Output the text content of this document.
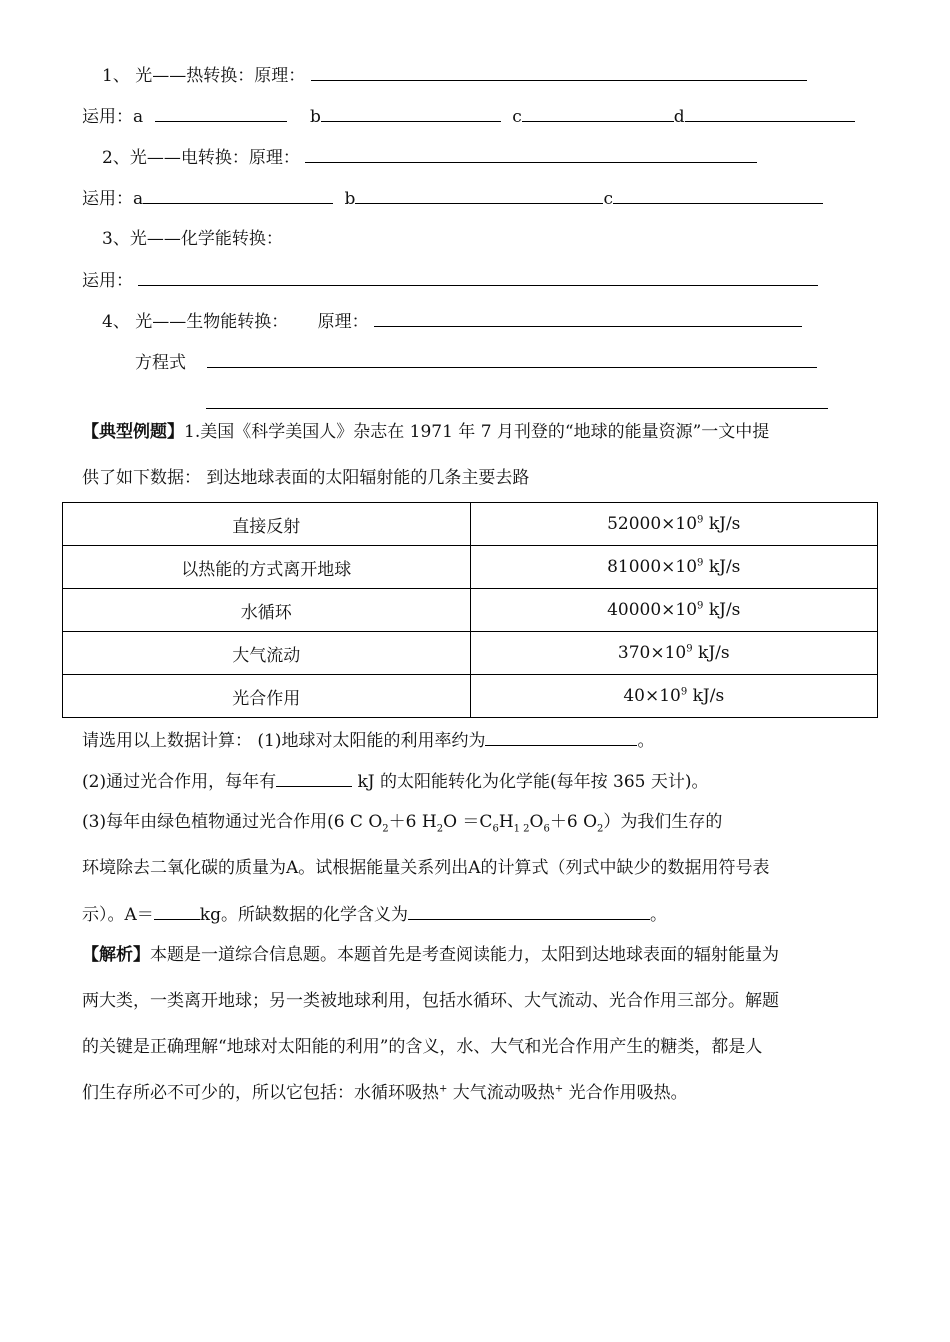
1、 光——热转换：原理：
运用：a	b	c	d
2、光——电转换：原理：
运用：a	b	c
3、光——化学能转换：
运用：
4、 光——生物能转换： 原理：
方程式
【典型例题】1.美国《科学美国人》杂志在 1971 年 7 月刊登的“地球的能量资源”一文中提
供了如下数据： 到达地球表面的太阳辐射能的几条主要去路
直接反射	$52000\times 10^9$ kJ/s
以热能的方式离开地球	$81000\times 10^9$ kJ/s
水循环	$40000\times 10^9$ kJ/s
大气流动	$370\times 10^9$ kJ/s
光合作用	$40\times 10^9$ kJ/s
请选用以上数据计算： (1)地球对太阳能的利用率约为	。
(2)通过光合作用，每年有	kJ 的太阳能转化为化学能(每年按 365 天计)。
(3)每年由绿色植物通过光合作用(6 C $O_2+6$ $H_2O =C_6H_{1 2}O_6+6$ $O_2$）为我们生存的
环境除去二氧化碳的质量为A。试根据能量关系列出A的计算式（列式中缺少的数据用符号表
示）。A＝	kg。所缺数据的化学含义为	。
【解析】本题是一道综合信息题。本题首先是考查阅读能力，太阳到达地球表面的辐射能量为
两大类，一类离开地球；另一类被地球利用，包括水循环、大气流动、光合作用三部分。解题
的关键是正确理解“地球对太阳能的利用”的含义，水、大气和光合作用产生的糖类，都是人
们生存所必不可少的，所以它包括：水循环吸热+ 大气流动吸热+ 光合作用吸热。
